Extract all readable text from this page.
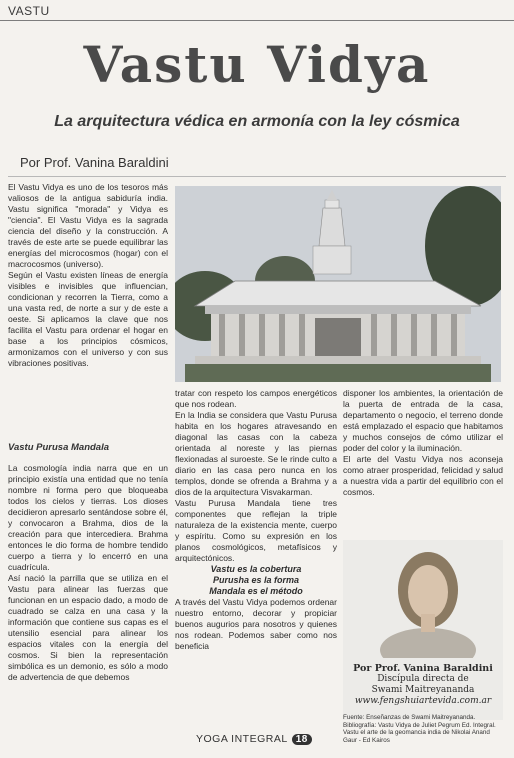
VASTU
Vastu Vidya
La arquitectura védica en armonía con la ley cósmica
Por Prof. Vanina Baraldini

El Vastu Vidya es uno de los tesoros más valiosos de la antigua sabiduría india. Vastu significa "morada" y Vidya es "ciencia". El Vastu Vidya es la sagrada ciencia del diseño y la construcción. A través de este arte se puede equilibrar las energías del microcosmos (hogar) con el macrocosmos (universo).

Según el Vastu existen líneas de energía visibles e invisibles que influencian, condicionan y recorren la Tierra, como a una vasta red, de norte a sur y de este a oeste. Si aplicamos la clave que nos facilita el Vastu para ordenar el hogar en base a los principios cósmicos, armonizamos con el universo y con sus vibraciones positivas.

Vastu Purusa Mandala

La cosmología india narra que en un principio existía una entidad que no tenía nombre ni forma pero que bloqueaba todos los cielos y tierras. Los dioses decidieron apresarlo sentándose sobre él, y convocaron a Brahma, dios de la creación para que intercediera. Brahma entonces le dio forma de hombre tendido cuerpo a tierra y lo encerró en una cuadrícula.

Así nació la parrilla que se utiliza en el Vastu para alinear las fuerzas que funcionan en un espacio dado, a modo de cuadrado se calza en una casa y la información que contiene sus capas es el utensilio esencial para alinear los espacios vitales con la energía del cosmos. Si bien la representación simbólica es un demonio, es sólo a modo de advertencia de que debemos

tratar con respeto los campos energéticos que nos rodean.

En la India se considera que Vastu Purusa habita en los hogares atravesando en diagonal las casas con la cabeza orientada al noreste y las piernas flexionadas al suroeste. Se le rinde culto a diario en las casa pero nunca en los templos, donde se ofrenda a Brahma y a dios de la arquitectura Visvakarman.

Vastu Purusa Mandala tiene tres componentes que reflejan la triple naturaleza de la existencia mente, cuerpo y espíritu. Como su expresión en los planos cosmológicos, metafísicos y arquitectónicos.

Vastu es la cobertura
Purusha es la forma
Mandala es el método

A través del Vastu Vidya podemos ordenar nuestro entorno, decorar y propiciar buenos augurios para nosotros y quienes nos rodean. Podemos saber como nos beneficia

disponer los ambientes, la orientación de la puerta de entrada de la casa, departamento o negocio, el terreno donde está emplazado el espacio que habitamos y muchos consejos de cómo utilizar el poder del color y la iluminación.

El arte del Vastu Vidya nos aconseja como atraer prosperidad, felicidad y salud a nuestra vida a partir del equilibrio con el cosmos.

Por Prof. Vanina Baraldini
Discípula directa de
Swami Maitreyananda
www.fengshuiartevida.com.ar
Fuente: Enseñanzas de Swami Maitreyananda. Bibliografía: Vastu Vidya de Juliet Pegrum Ed. Integral. Vastu el arte de la geomancia india de Nikolai Anand Gaur - Ed Kairos
YOGA INTEGRAL 18
